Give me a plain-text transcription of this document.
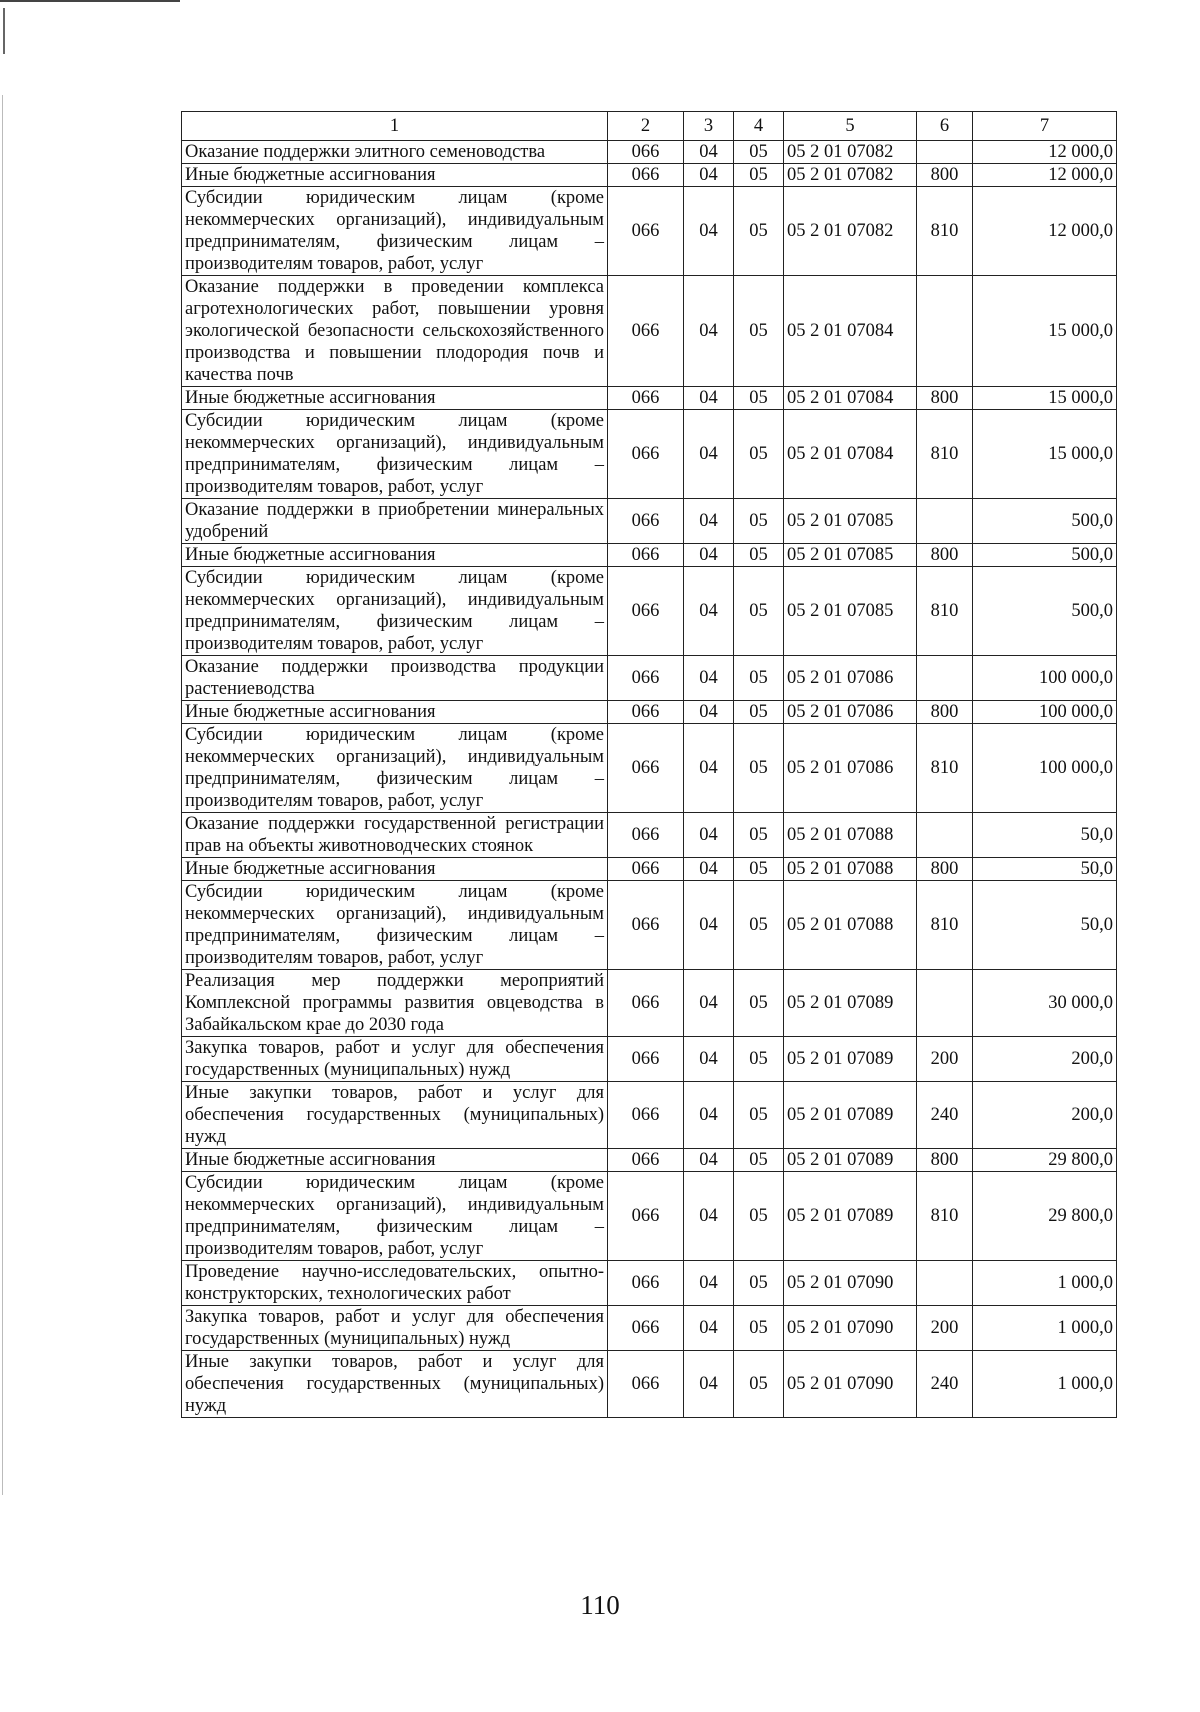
1	2	3	4	5	6	7
Оказание поддержки элитного семеноводства	066	04	05	05 2 01 07082		12 000,0
Иные бюджетные ассигнования	066	04	05	05 2 01 07082	800	12 000,0
Субсидии юридическим лицам (кроме некоммерческих организаций), индивидуальным предпринимателям, физическим лицам – производителям товаров, работ, услуг	066	04	05	05 2 01 07082	810	12 000,0
Оказание поддержки в проведении комплекса агротехнологических работ, повышении уровня экологической безопасности сельскохозяйственного производства и повышении плодородия почв и качества почв	066	04	05	05 2 01 07084		15 000,0
Иные бюджетные ассигнования	066	04	05	05 2 01 07084	800	15 000,0
Субсидии юридическим лицам (кроме некоммерческих организаций), индивидуальным предпринимателям, физическим лицам – производителям товаров, работ, услуг	066	04	05	05 2 01 07084	810	15 000,0
Оказание поддержки в приобретении минеральных удобрений	066	04	05	05 2 01 07085		500,0
Иные бюджетные ассигнования	066	04	05	05 2 01 07085	800	500,0
Субсидии юридическим лицам (кроме некоммерческих организаций), индивидуальным предпринимателям, физическим лицам – производителям товаров, работ, услуг	066	04	05	05 2 01 07085	810	500,0
Оказание поддержки производства продукции растениеводства	066	04	05	05 2 01 07086		100 000,0
Иные бюджетные ассигнования	066	04	05	05 2 01 07086	800	100 000,0
Субсидии юридическим лицам (кроме некоммерческих организаций), индивидуальным предпринимателям, физическим лицам – производителям товаров, работ, услуг	066	04	05	05 2 01 07086	810	100 000,0
Оказание поддержки государственной регистрации прав на объекты животноводческих стоянок	066	04	05	05 2 01 07088		50,0
Иные бюджетные ассигнования	066	04	05	05 2 01 07088	800	50,0
Субсидии юридическим лицам (кроме некоммерческих организаций), индивидуальным предпринимателям, физическим лицам – производителям товаров, работ, услуг	066	04	05	05 2 01 07088	810	50,0
Реализация мер поддержки мероприятий Комплексной программы развития овцеводства в Забайкальском крае до 2030 года	066	04	05	05 2 01 07089		30 000,0
Закупка товаров, работ и услуг для обеспечения государственных (муниципальных) нужд	066	04	05	05 2 01 07089	200	200,0
Иные закупки товаров, работ и услуг для обеспечения государственных (муниципальных) нужд	066	04	05	05 2 01 07089	240	200,0
Иные бюджетные ассигнования	066	04	05	05 2 01 07089	800	29 800,0
Субсидии юридическим лицам (кроме некоммерческих организаций), индивидуальным предпринимателям, физическим лицам – производителям товаров, работ, услуг	066	04	05	05 2 01 07089	810	29 800,0
Проведение научно-исследовательских, опытно-конструкторских, технологических работ	066	04	05	05 2 01 07090		1 000,0
Закупка товаров, работ и услуг для обеспечения государственных (муниципальных) нужд	066	04	05	05 2 01 07090	200	1 000,0
Иные закупки товаров, работ и услуг для обеспечения государственных (муниципальных) нужд	066	04	05	05 2 01 07090	240	1 000,0
110
